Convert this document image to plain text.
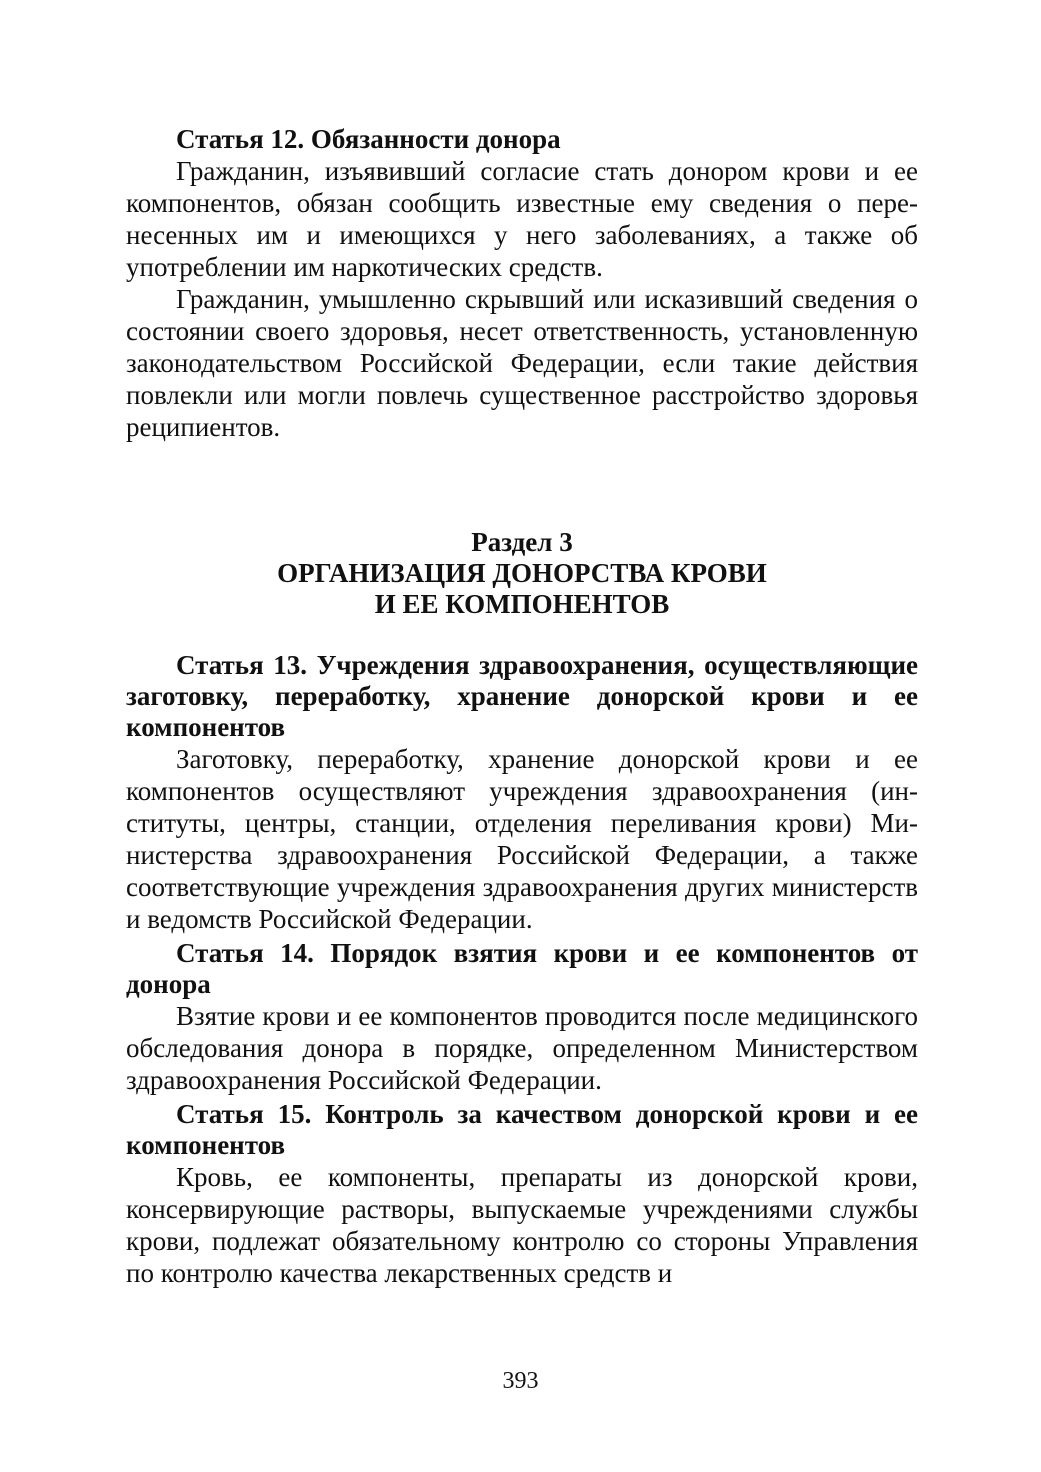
Статья 12. Обязанности донора

Гражданин, изъявивший согласие стать донором крови и ее компонентов, обязан сообщить известные ему сведения о перенесенных им и имеющихся у него заболеваниях, а также об употреблении им наркотических средств.

Гражданин, умышленно скрывший или исказивший сведения о состоянии своего здоровья, несет ответственность, установленную законодательством Российской Федерации, если такие действия повлекли или могли повлечь существенное расстройство здоровья реципиентов.

Раздел 3
ОРГАНИЗАЦИЯ ДОНОРСТВА КРОВИ
И ЕЕ КОМПОНЕНТОВ

Статья 13. Учреждения здравоохранения, осуществляющие заготовку, переработку, хранение донорской крови и ее компонентов

Заготовку, переработку, хранение донорской крови и ее компонентов осуществляют учреждения здравоохранения (институты, центры, станции, отделения переливания крови) Министерства здравоохранения Российской Федерации, а также соответствующие учреждения здравоохранения других министерств и ведомств Российской Федерации.

Статья 14. Порядок взятия крови и ее компонентов от донора

Взятие крови и ее компонентов проводится после медицинского обследования донора в порядке, определенном Министерством здравоохранения Российской Федерации.

Статья 15. Контроль за качеством донорской крови и ее компонентов

Кровь, ее компоненты, препараты из донорской крови, консервирующие растворы, выпускаемые учреждениями службы крови, подлежат обязательному контролю со стороны Управления по контролю качества лекарственных средств и

393
